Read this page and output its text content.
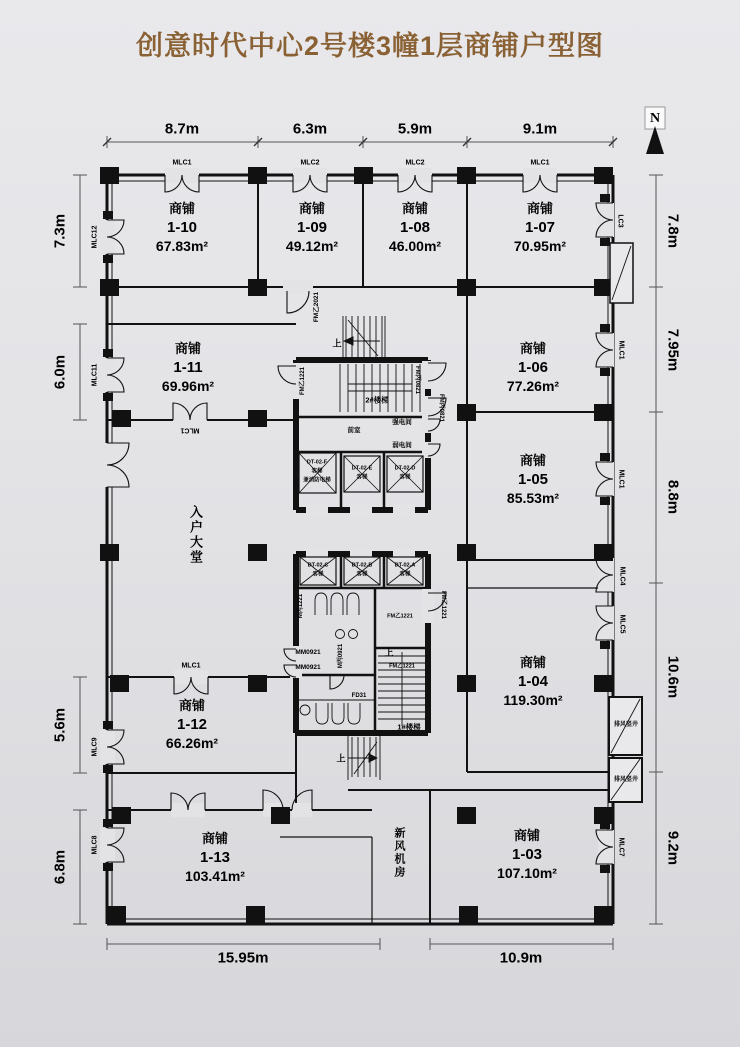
创意时代中心2号楼3幢1层商铺户型图
8.7m	6.3m	5.9m	9.1m
7.3m
6.0m
5.6m
6.8m
7.8m
7.95m
8.8m
10.6m
9.2m
15.95m	10.9m
N
商铺
1-10
67.83m²
商铺
1-09
49.12m²
商铺
1-08
46.00m²
商铺
1-07
70.95m²
商铺
1-06
77.26m²
商铺
1-05
85.53m²
商铺
1-11
69.96m²
商铺
1-04
119.30m²
商铺
1-12
66.26m²
商铺
1-13
103.41m²
商铺
1-03
107.10m²
入户大堂
新风机房
2#楼梯
1#楼梯
前室
强电间
弱电间
上
上
上
排风竖井
排风竖井
DT-02-F
客梯
兼消防电梯
DT-02-E
客梯
DT-02-D
客梯
DT-02-C
客梯
DT-02-B
客梯
DT-02-A
客梯
MLC1	MLC2	MLC2	MLC1
MLC12
MLC11
MLC9
MLC8
LC3
MLC1
MLC1
MLC4
MLC5
MLC7
MLC1
MLC1
FM乙2021
FM乙1221	FM丙0821
FM丙0821
FM乙1221
FM乙1221
FM乙1221
M丙1221
MM0921
MM0921	M丙0921
FD31
